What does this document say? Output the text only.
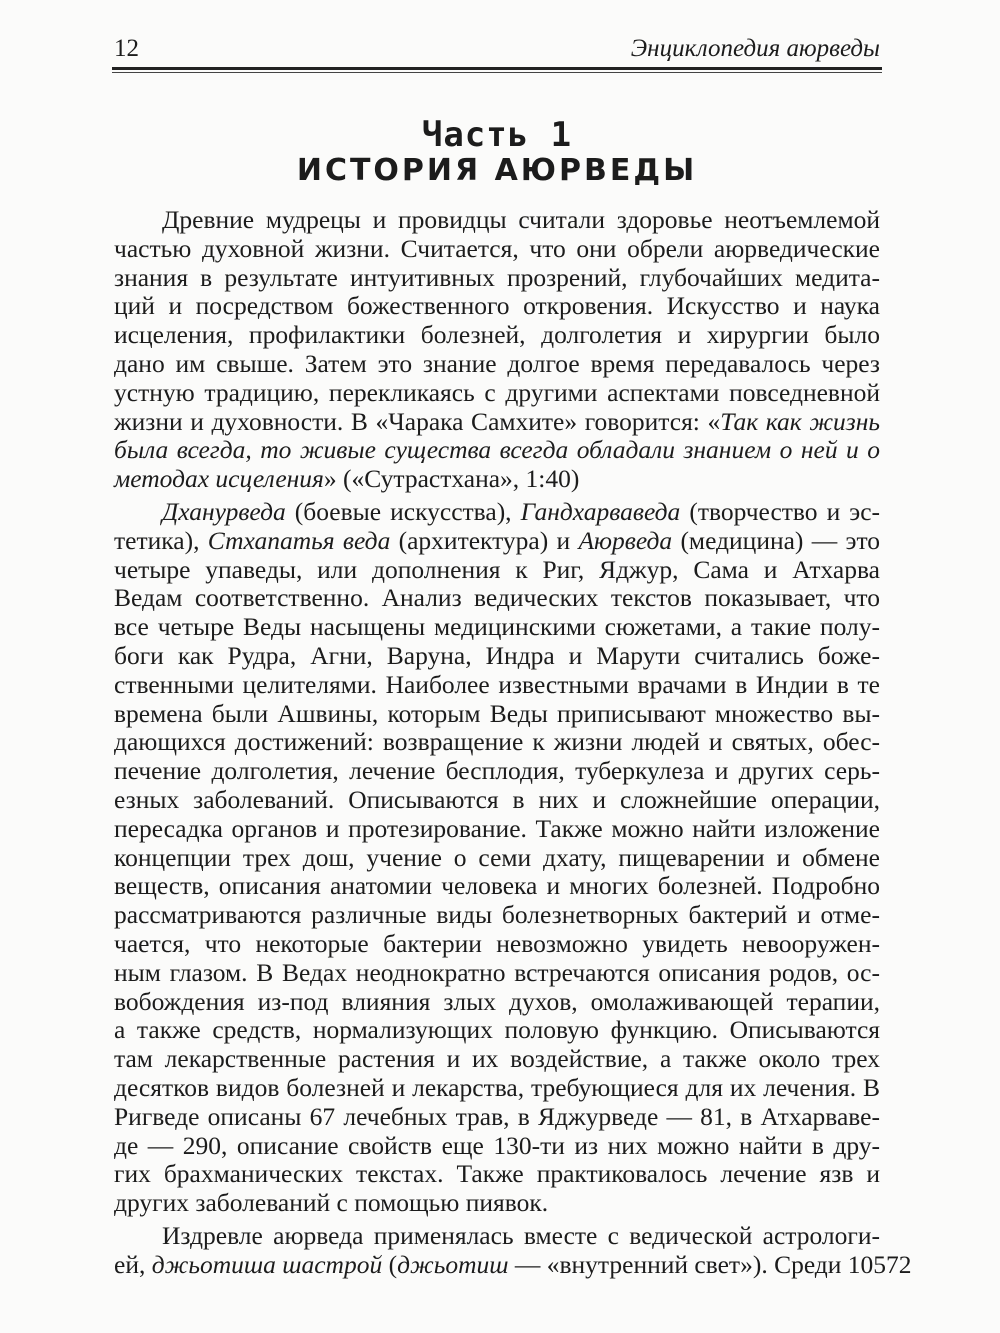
12	Энциклопедия аюрведы
Часть 1
ИСТОРИЯ АЮРВЕДЫ
Древние мудрецы и провидцы считали здоровье неотъемлемой
частью духовной жизни. Считается, что они обрели аюрведические
знания в результате интуитивных прозрений, глубочайших медита-
ций и посредством божественного откровения. Искусство и наука
исцеления, профилактики болезней, долголетия и хирургии было
дано им свыше. Затем это знание долгое время передавалось через
устную традицию, перекликаясь с другими аспектами повседневной
жизни и духовности. В «Чарака Самхите» говорится: «Так как жизнь
была всегда, то живые существа всегда обладали знанием о ней и о
методах исцеления» («Сутрастхана», 1:40)
Дханурведа (боевые искусства), Гандхарваведа (творчество и эс-
тетика), Стхапатья веда (архитектура) и Аюрведа (медицина) — это
четыре упаведы, или дополнения к Риг, Яджур, Сама и Атхарва
Ведам соответственно. Анализ ведических текстов показывает, что
все четыре Веды насыщены медицинскими сюжетами, а такие полу-
боги как Рудра, Агни, Варуна, Индра и Марути считались боже-
ственными целителями. Наиболее известными врачами в Индии в те
времена были Ашвины, которым Веды приписывают множество вы-
дающихся достижений: возвращение к жизни людей и святых, обес-
печение долголетия, лечение бесплодия, туберкулеза и других серь-
езных заболеваний. Описываются в них и сложнейшие операции,
пересадка органов и протезирование. Также можно найти изложение
концепции трех дош, учение о семи дхату, пищеварении и обмене
веществ, описания анатомии человека и многих болезней. Подробно
рассматриваются различные виды болезнетворных бактерий и отме-
чается, что некоторые бактерии невозможно увидеть невооружен-
ным глазом. В Ведах неоднократно встречаются описания родов, ос-
вобождения из-под влияния злых духов, омолаживающей терапии,
а также средств, нормализующих половую функцию. Описываются
там лекарственные растения и их воздействие, а также около трех
десятков видов болезней и лекарства, требующиеся для их лечения. В
Ригведе описаны 67 лечебных трав, в Яджурведе — 81, в Атхарваве-
де — 290, описание свойств еще 130-ти из них можно найти в дру-
гих брахманических текстах. Также практиковалось лечение язв и
других заболеваний с помощью пиявок.
Издревле аюрведа применялась вместе с ведической астрологи-
ей, джьотиша шастрой (джьотиш — «внутренний свет»). Среди 10572
